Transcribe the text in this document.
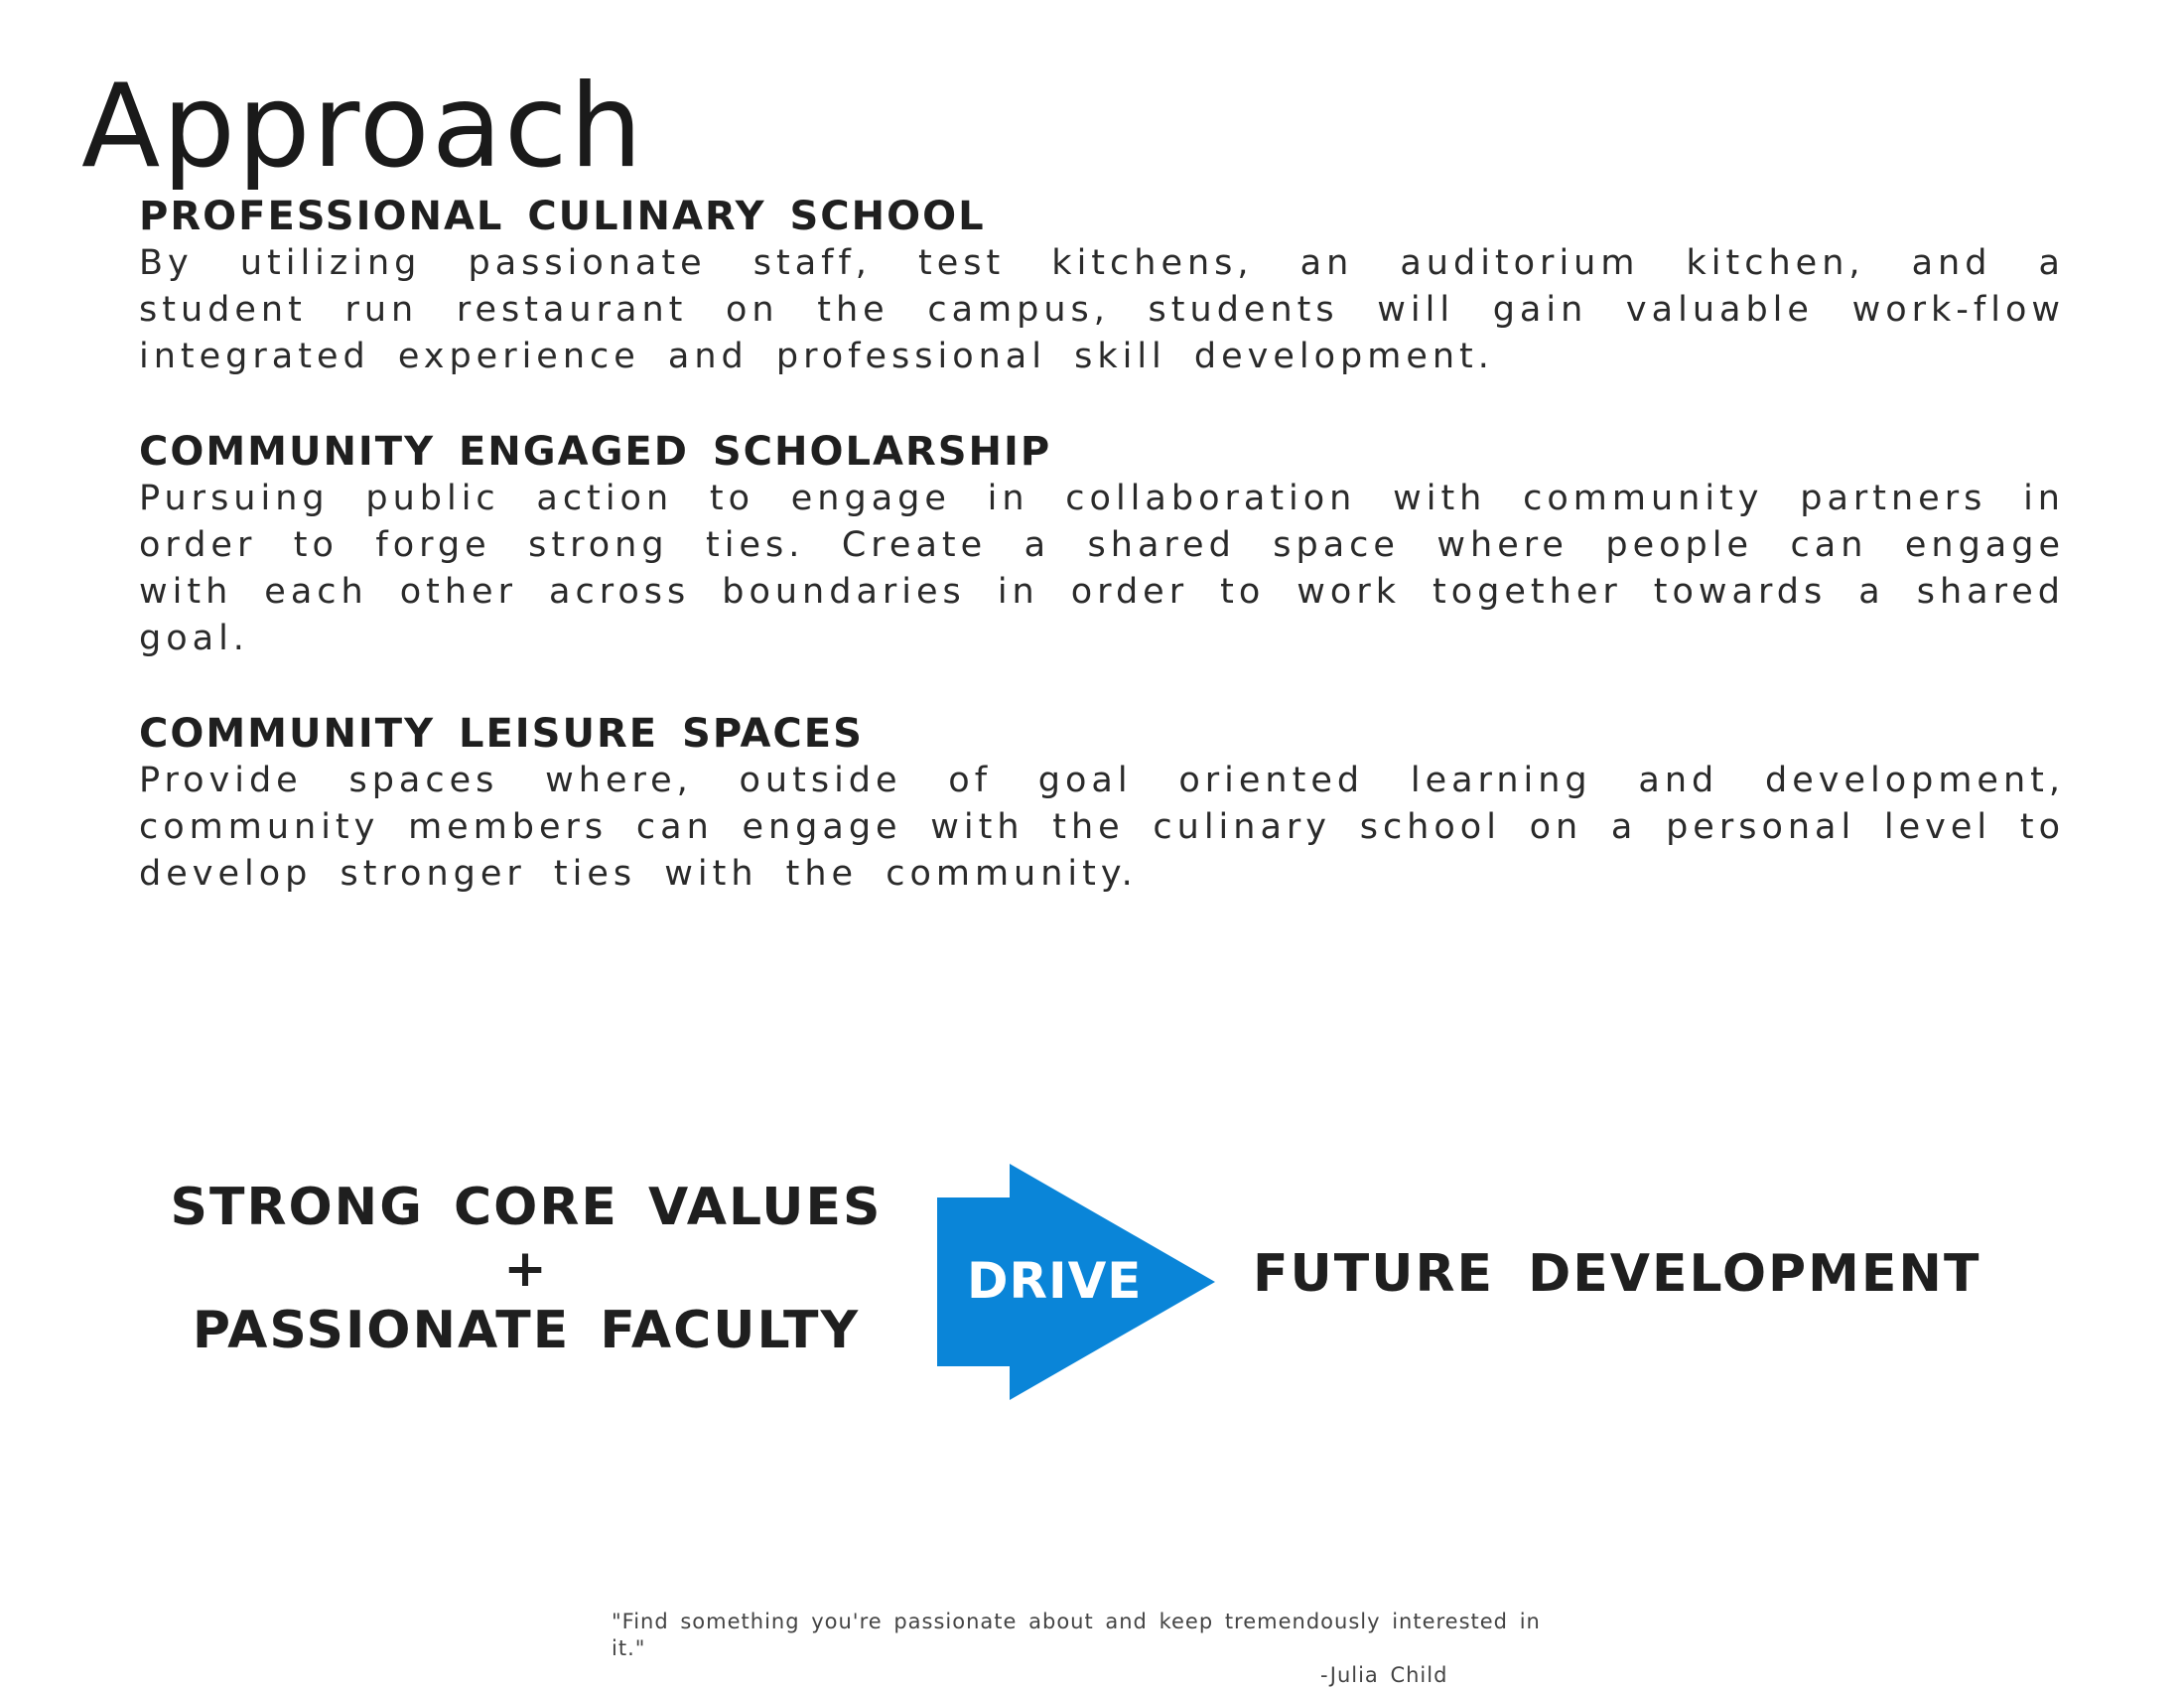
Approach
PROFESSIONAL CULINARY SCHOOL

By utilizing passionate staff, test kitchens, an auditorium kitchen, and a student run restaurant on the campus, students will gain valuable work-flow integrated experience and professional skill development.

COMMUNITY ENGAGED SCHOLARSHIP

Pursuing public action to engage in collaboration with community partners in order to forge strong ties. Create a shared space where people can engage with each other across boundaries in order to work together towards a shared goal.

COMMUNITY LEISURE SPACES

Provide spaces where, outside of goal oriented learning and development, community members can engage with the culinary school on a personal level to develop stronger ties with the community.

STRONG CORE VALUES
+
PASSIONATE FACULTY
DRIVE FUTURE DEVELOPMENT

"Find something you're passionate about and keep tremendously interested in it."

-Julia Child
